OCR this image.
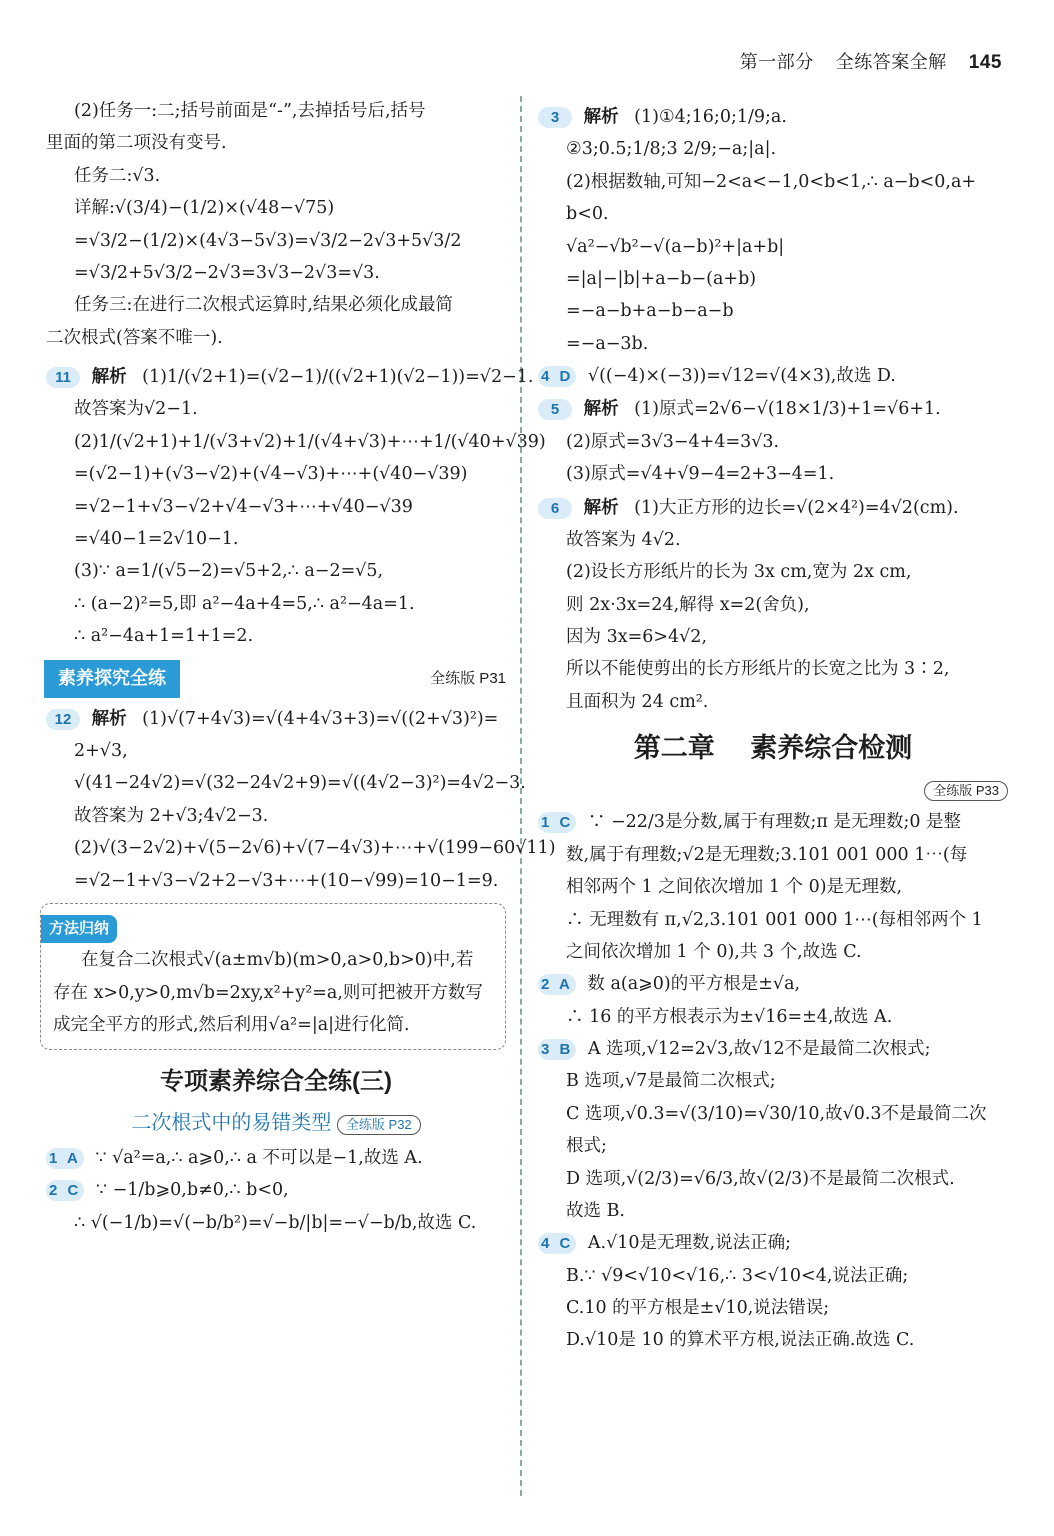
第一部分 全练答案全解 145
(2)任务一:二;括号前面是“-”,去掉括号后,括号
里面的第二项没有变号.
任务二:√3.
详解:√(3/4)−(1/2)×(√48−√75)
=√3/2−(1/2)×(4√3−5√3)=√3/2−2√3+5√3/2
=√3/2+5√3/2−2√3=3√3−2√3=√3.
任务三:在进行二次根式运算时,结果必须化成最简
二次根式(答案不唯一).
11 解析 (1)1/(√2+1)=(√2−1)/((√2+1)(√2−1))=√2−1.
故答案为√2−1.
(2)1/(√2+1)+1/(√3+√2)+1/(√4+√3)+⋯+1/(√40+√39)
=(√2−1)+(√3−√2)+(√4−√3)+⋯+(√40−√39)
=√2−1+√3−√2+√4−√3+⋯+√40−√39
=√40−1=2√10−1.
(3)∵ a=1/(√5−2)=√5+2,∴ a−2=√5,
∴ (a−2)²=5,即 a²−4a+4=5,∴ a²−4a=1.
∴ a²−4a+1=1+1=2.
素养探究全练	全练版 P31
12 解析 (1)√(7+4√3)=√(4+4√3+3)=√((2+√3)²)=
2+√3,
√(41−24√2)=√(32−24√2+9)=√((4√2−3)²)=4√2−3.
故答案为 2+√3;4√2−3.
(2)√(3−2√2)+√(5−2√6)+√(7−4√3)+⋯+√(199−60√11)
=√2−1+√3−√2+2−√3+⋯+(10−√99)=10−1=9.
方法归纳
在复合二次根式√(a±m√b)(m>0,a>0,b>0)中,若
存在 x>0,y>0,m√b=2xy,x²+y²=a,则可把被开方数写
成完全平方的形式,然后利用√a²=|a|进行化简.
专项素养综合全练(三)
二次根式中的易错类型 全练版 P32
1 A ∵ √a²=a,∴ a⩾0,∴ a 不可以是−1,故选 A.
2 C ∵ −1/b⩾0,b≠0,∴ b<0,
∴ √(−1/b)=√(−b/b²)=√−b/|b|=−√−b/b,故选 C.
3 解析 (1)①4;16;0;1/9;a.
②3;0.5;1/8;3 2/9;−a;|a|.
(2)根据数轴,可知−2<a<−1,0<b<1,∴ a−b<0,a+
b<0.
√a²−√b²−√(a−b)²+|a+b|
=|a|−|b|+a−b−(a+b)
=−a−b+a−b−a−b
=−a−3b.
4 D √((−4)×(−3))=√12=√(4×3),故选 D.
5 解析 (1)原式=2√6−√(18×1/3)+1=√6+1.
(2)原式=3√3−4+4=3√3.
(3)原式=√4+√9−4=2+3−4=1.
6 解析 (1)大正方形的边长=√(2×4²)=4√2(cm).
故答案为 4√2.
(2)设长方形纸片的长为 3x cm,宽为 2x cm,
则 2x·3x=24,解得 x=2(舍负),
因为 3x=6>4√2,
所以不能使剪出的长方形纸片的长宽之比为 3∶2,
且面积为 24 cm².
第二章 素养综合检测
全练版 P33
1 C ∵ −22/3是分数,属于有理数;π 是无理数;0 是整
数,属于有理数;√2是无理数;3.101 001 000 1⋯(每
相邻两个 1 之间依次增加 1 个 0)是无理数,
∴ 无理数有 π,√2,3.101 001 000 1⋯(每相邻两个 1
之间依次增加 1 个 0),共 3 个,故选 C.
2 A 数 a(a⩾0)的平方根是±√a,
∴ 16 的平方根表示为±√16=±4,故选 A.
3 B A 选项,√12=2√3,故√12不是最简二次根式;
B 选项,√7是最简二次根式;
C 选项,√0.3=√(3/10)=√30/10,故√0.3不是最简二次
根式;
D 选项,√(2/3)=√6/3,故√(2/3)不是最简二次根式.
故选 B.
4 C A.√10是无理数,说法正确;
B.∵ √9<√10<√16,∴ 3<√10<4,说法正确;
C.10 的平方根是±√10,说法错误;
D.√10是 10 的算术平方根,说法正确.故选 C.
